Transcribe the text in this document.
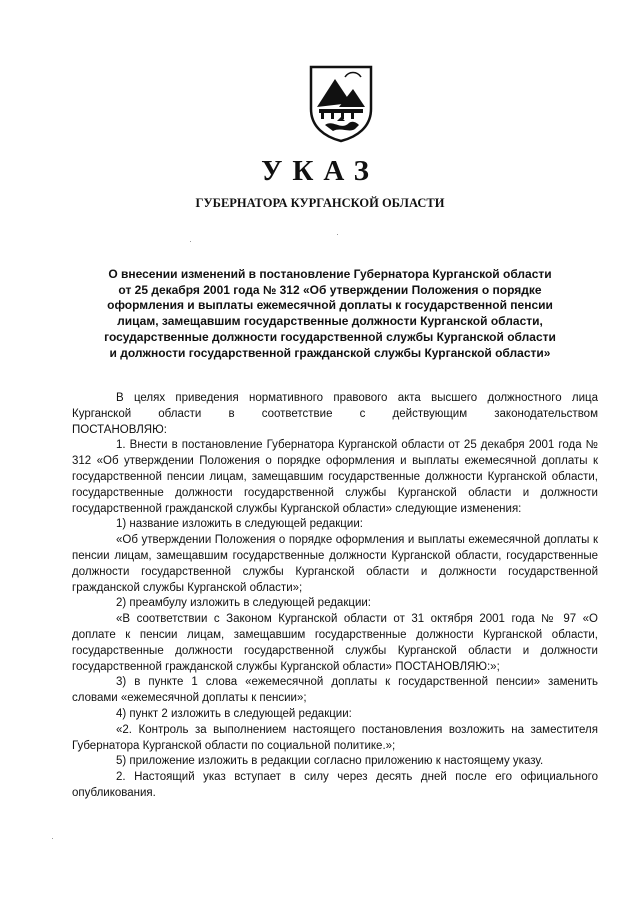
УКАЗ
ГУБЕРНАТОРА КУРГАНСКОЙ ОБЛАСТИ
О внесении изменений в постановление Губернатора Курганской области
от 25 декабря 2001 года № 312 «Об утверждении Положения о порядке
оформления и выплаты ежемесячной доплаты к государственной пенсии
лицам, замещавшим государственные должности Курганской области,
государственные должности государственной службы Курганской области
и должности государственной гражданской службы Курганской области»

В целях приведения нормативного правового акта высшего должностного лица Курганской области в соответствие с действующим законодательством

ПОСТАНОВЛЯЮ:

1. Внести в постановление Губернатора Курганской области от 25 декабря 2001 года № 312 «Об утверждении Положения о порядке оформления и выплаты ежемесячной доплаты к государственной пенсии лицам, замещавшим государственные должности Курганской области, государственные должности государственной службы Курганской области и должности государственной гражданской службы Курганской области» следующие изменения:

1) название изложить в следующей редакции:

«Об утверждении Положения о порядке оформления и выплаты ежемесячной доплаты к пенсии лицам, замещавшим государственные должности Курганской области, государственные должности государственной службы Курганской области и должности государственной гражданской службы Курганской области»;

2) преамбулу изложить в следующей редакции:

«В соответствии с Законом Курганской области от 31 октября 2001 года № 97 «О доплате к пенсии лицам, замещавшим государственные должности Курганской области, государственные должности государственной службы Курганской области и должности государственной гражданской службы Курганской области» ПОСТАНОВЛЯЮ:»;

3) в пункте 1 слова «ежемесячной доплаты к государственной пенсии» заменить словами «ежемесячной доплаты к пенсии»;

4) пункт 2 изложить в следующей редакции:

«2. Контроль за выполнением настоящего постановления возложить на заместителя Губернатора Курганской области по социальной политике.»;

5) приложение изложить в редакции согласно приложению к настоящему указу.

2. Настоящий указ вступает в силу через десять дней после его официального опубликования.
